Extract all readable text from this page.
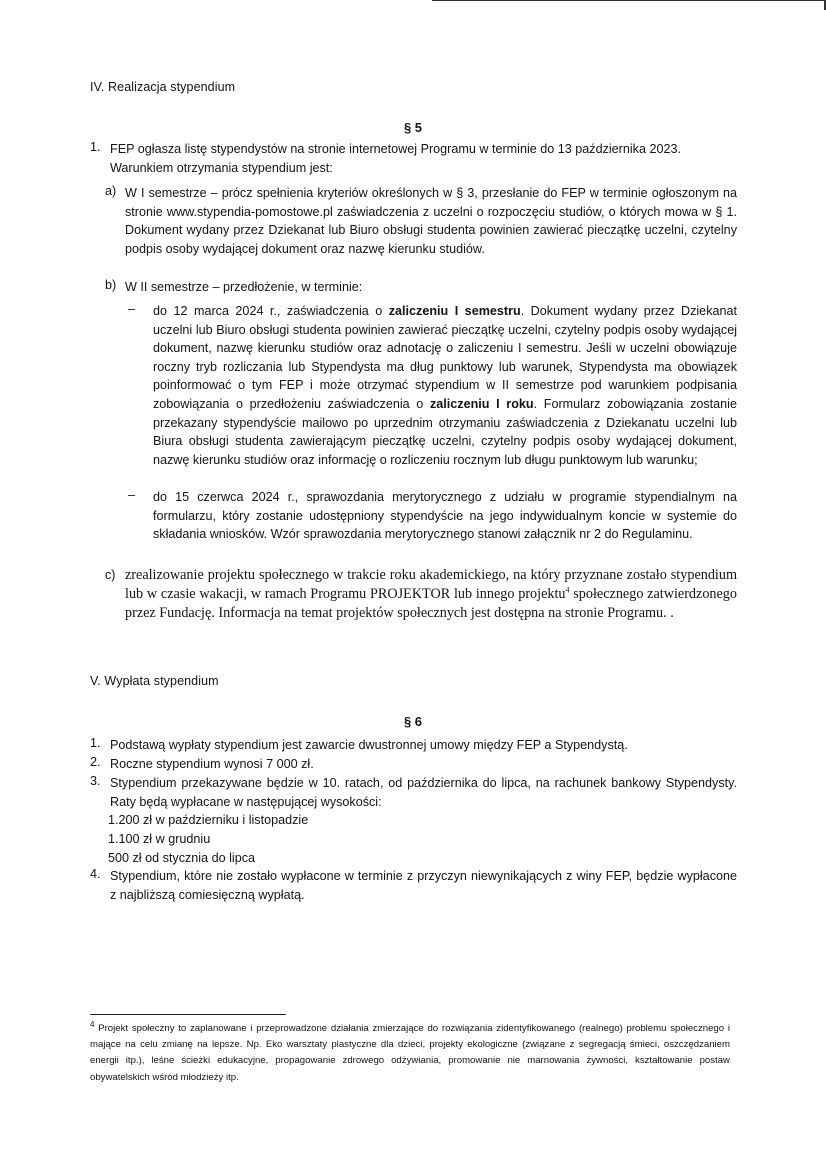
IV. Realizacja stypendium
§ 5
1. FEP ogłasza listę stypendystów na stronie internetowej Programu w terminie do 13 października 2023. Warunkiem otrzymania stypendium jest:
a) W I semestrze – prócz spełnienia kryteriów określonych w § 3, przesłanie do FEP w terminie ogłoszonym na stronie www.stypendia-pomostowe.pl zaświadczenia z uczelni o rozpoczęciu studiów, o których mowa w § 1. Dokument wydany przez Dziekanat lub Biuro obsługi studenta powinien zawierać pieczątkę uczelni, czytelny podpis osoby wydającej dokument oraz nazwę kierunku studiów.
b) W II semestrze – przedłożenie, w terminie:
– do 12 marca 2024 r., zaświadczenia o zaliczeniu I semestru. Dokument wydany przez Dziekanat uczelni lub Biuro obsługi studenta powinien zawierać pieczątkę uczelni, czytelny podpis osoby wydającej dokument, nazwę kierunku studiów oraz adnotację o zaliczeniu I semestru. Jeśli w uczelni obowiązuje roczny tryb rozliczania lub Stypendysta ma dług punktowy lub warunek, Stypendysta ma obowiązek poinformować o tym FEP i może otrzymać stypendium w II semestrze pod warunkiem podpisania zobowiązania o przedłożeniu zaświadczenia o zaliczeniu I roku. Formularz zobowiązania zostanie przekazany stypendyście mailowo po uprzednim otrzymaniu zaświadczenia z Dziekanatu uczelni lub Biura obsługi studenta zawierającym pieczątkę uczelni, czytelny podpis osoby wydającej dokument, nazwę kierunku studiów oraz informację o rozliczeniu rocznym lub długu punktowym lub warunku;
– do 15 czerwca 2024 r., sprawozdania merytorycznego z udziału w programie stypendialnym na formularzu, który zostanie udostępniony stypendyście na jego indywidualnym koncie w systemie do składania wniosków. Wzór sprawozdania merytorycznego stanowi załącznik nr 2 do Regulaminu.
c) zrealizowanie projektu społecznego w trakcie roku akademickiego, na który przyznane zostało stypendium lub w czasie wakacji, w ramach Programu PROJEKTOR lub innego projektu$^4$ społecznego zatwierdzonego przez Fundację. Informacja na temat projektów społecznych jest dostępna na stronie Programu. .
V. Wypłata stypendium
§ 6
1. Podstawą wypłaty stypendium jest zawarcie dwustronnej umowy między FEP a Stypendystą.
2. Roczne stypendium wynosi 7 000 zł.
3. Stypendium przekazywane będzie w 10. ratach, od października do lipca, na rachunek bankowy Stypendysty. Raty będą wypłacane w następującej wysokości:
1.200 zł w październiku i listopadzie
1.100 zł w grudniu
500 zł od stycznia do lipca
4. Stypendium, które nie zostało wypłacone w terminie z przyczyn niewynikających z winy FEP, będzie wypłacone z najbliższą comiesięczną wypłatą.
$^4$ Projekt społeczny to zaplanowane i przeprowadzone działania zmierzające do rozwiązania zidentyfikowanego (realnego) problemu społecznego i mające na celu zmianę na lepsze. Np. Eko warsztaty plastyczne dla dzieci, projekty ekologiczne (związane z segregacją śmieci, oszczędzaniem energii itp.), leśne ścieżki edukacyjne, propagowanie zdrowego odżywiania, promowanie nie marnowania żywności, kształtowanie postaw obywatelskich wśród młodzieży itp.
